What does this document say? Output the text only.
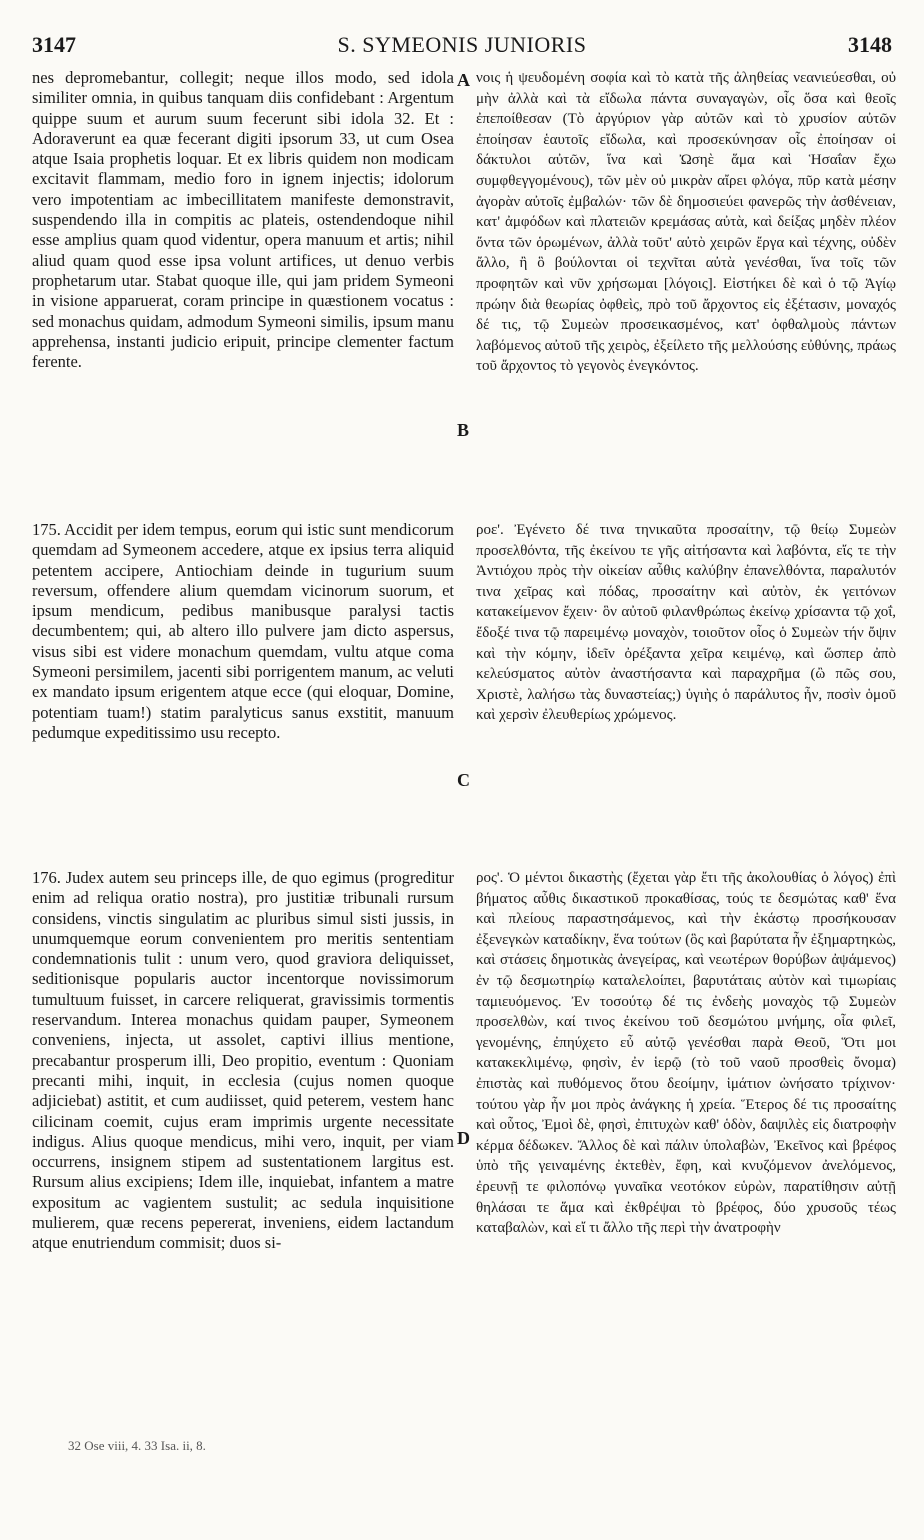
3147	S. SYMEONIS JUNIORIS	3148
nes depromebantur, collegit; neque illos modo, sed idola similiter omnia, in quibus tanquam diis confidebant : Argentum quippe suum et aurum suum fecerunt sibi idola 32. Et : Adoraverunt ea quæ fecerant digiti ipsorum 33, ut cum Osea atque Isaia prophetis loquar. Et ex libris quidem non modicam excitavit flammam, medio foro in ignem injectis; idolorum vero impotentiam ac imbecillitatem manifeste demonstravit, suspendendo illa in compitis ac plateis, ostendendoque nihil esse amplius quam quod videntur, opera manuum et artis; nihil aliud quam quod esse ipsa volunt artifices, ut denuo verbis prophetarum utar. Stabat quoque ille, qui jam pridem Symeoni in visione apparuerat, coram principe in quæstionem vocatus : sed monachus quidam, admodum Symeoni similis, ipsum manu apprehensa, instanti judicio eripuit, principe clementer factum ferente.
175. Accidit per idem tempus, eorum qui istic sunt mendicorum quemdam ad Symeonem accedere, atque ex ipsius terra aliquid petentem accipere, Antiochiam deinde in tugurium suum reversum, offendere alium quemdam vicinorum suorum, et ipsum mendicum, pedibus manibusque paralysi tactis decumbentem; qui, ab altero illo pulvere jam dicto aspersus, visus sibi est videre monachum quemdam, vultu atque coma Symeoni persimilem, jacenti sibi porrigentem manum, ac veluti ex mandato ipsum erigentem atque ecce (qui eloquar, Domine, potentiam tuam!) statim paralyticus sanus exstitit, manuum pedumque expeditissimo usu recepto.
176. Judex autem seu princeps ille, de quo egimus (progreditur enim ad reliqua oratio nostra), pro justitiæ tribunali rursum considens, vinctis singulatim ac pluribus simul sisti jussis, in unumquemque eorum convenientem pro meritis sententiam condemnationis tulit : unum vero, quod graviora deliquisset, seditionisque popularis auctor incentorque novissimorum tumultuum fuisset, in carcere reliquerat, gravissimis tormentis reservandum. Interea monachus quidam pauper, Symeonem conveniens, injecta, ut assolet, captivi illius mentione, precabantur prosperum illi, Deo propitio, eventum : Quoniam precanti mihi, inquit, in ecclesia (cujus nomen quoque adjiciebat) astitit, et cum audiisset, quid peterem, vestem hanc cilicinam coemit, cujus eram imprimis urgente necessitate indigus. Alius quoque mendicus, mihi vero, inquit, per viam occurrens, insignem stipem ad sustentationem largitus est. Rursum alius excipiens; Idem ille, inquiebat, infantem a matre expositum ac vagientem sustulit; ac sedula inquisitione mulierem, quæ recens pepererat, inveniens, eidem lactandum atque enutriendum commisit; duos si-
νοις ἡ ψευδομένη σοφία καὶ τὸ κατὰ τῆς ἀληθείας νεανιεύεσθαι, οὐ μὴν ἀλλὰ καὶ τὰ εἴδωλα πάντα συναγαγὼν, οἷς ὅσα καὶ θεοῖς ἐπεποίθεσαν (Τὸ ἀργύριον γὰρ αὐτῶν καὶ τὸ χρυσίον αὐτῶν ἐποίησαν ἑαυτοῖς εἴδωλα, καὶ προσεκύνησαν οἷς ἐποίησαν οἱ δάκτυλοι αὐτῶν, ἵνα καὶ Ὠσηὲ ἅμα καὶ Ἡσαΐαν ἔχω συμφθεγγομένους), τῶν μὲν οὐ μικρὰν αἴρει φλόγα, πῦρ κατὰ μέσην ἀγορὰν αὐτοῖς ἐμβαλών· τῶν δὲ δημοσιεύει φανερῶς τὴν ἀσθένειαν, κατ' ἀμφόδων καὶ πλατειῶν κρεμάσας αὐτὰ, καὶ δείξας μηδὲν πλέον ὄντα τῶν ὁρωμένων, ἀλλὰ τοῦτ' αὐτὸ χειρῶν ἔργα καὶ τέχνης, οὐδὲν ἄλλο, ἢ ὃ βούλονται οἱ τεχνῖται αὐτὰ γενέσθαι, ἵνα τοῖς τῶν προφητῶν καὶ νῦν χρήσωμαι [λόγοις]. Εἱστήκει δὲ καὶ ὁ τῷ Ἁγίῳ πρώην διὰ θεωρίας ὀφθεὶς, πρὸ τοῦ ἄρχοντος εἰς ἐξέτασιν, μοναχός δέ τις, τῷ Συμεὼν προσεικασμένος, κατ' ὀφθαλμοὺς πάντων λαβόμενος αὐτοῦ τῆς χειρὸς, ἐξείλετο τῆς μελλούσης εὐθύνης, πράως τοῦ ἄρχοντος τὸ γεγονὸς ἐνεγκόντος.
ροε'. Ἐγένετο δέ τινα τηνικαῦτα προσαίτην, τῷ θείῳ Συμεὼν προσελθόντα, τῆς ἐκείνου τε γῆς αἰτήσαντα καὶ λαβόντα, εἴς τε τὴν Ἀντιόχου πρὸς τὴν οἰκείαν αὖθις καλύβην ἐπανελθόντα, παραλυτόν τινα χεῖρας καὶ πόδας, προσαίτην καὶ αὐτὸν, ἐκ γειτόνων κατακείμενον ἔχειν· ὃν αὐτοῦ φιλανθρώπως ἐκείνῳ χρίσαντα τῷ χοΐ, ἔδοξέ τινα τῷ παρειμένῳ μοναχὸν, τοιοῦτον οἷος ὁ Συμεὼν τήν ὄψιν καὶ τὴν κόμην, ἰδεῖν ὀρέξαντα χεῖρα κειμένῳ, καὶ ὥσπερ ἀπὸ κελεύσματος αὐτὸν ἀναστήσαντα καὶ παραχρῆμα (ὢ πῶς σου, Χριστὲ, λαλήσω τὰς δυναστείας;) ὑγιὴς ὁ παράλυτος ἦν, ποσὶν ὁμοῦ καὶ χερσὶν ἐλευθερίως χρώμενος.
ρος'. Ὁ μέντοι δικαστὴς (ἔχεται γὰρ ἔτι τῆς ἀκολουθίας ὁ λόγος) ἐπὶ βήματος αὖθις δικαστικοῦ προκαθίσας, τούς τε δεσμώτας καθ' ἕνα καὶ πλείους παραστησάμενος, καὶ τὴν ἑκάστῳ προσήκουσαν ἐξενεγκὼν καταδίκην, ἕνα τούτων (ὃς καὶ βαρύτατα ἦν ἐξημαρτηκὼς, καὶ στάσεις δημοτικὰς ἀνεγείρας, καὶ νεωτέρων θορύβων ἀψάμενος) ἐν τῷ δεσμωτηρίῳ καταλελοίπει, βαρυτάταις αὐτὸν καὶ τιμωρίαις ταμιευόμενος. Ἐν τοσούτῳ δέ τις ἐνδεὴς μοναχὸς τῷ Συμεὼν προσελθὼν, καί τινος ἐκείνου τοῦ δεσμώτου μνήμης, οἷα φιλεῖ, γενομένης, ἐπηύχετο εὖ αὐτῷ γενέσθαι παρὰ Θεοῦ, Ὅτι μοι κατακεκλιμένῳ, φησὶν, ἐν ἱερῷ (τὸ τοῦ ναοῦ προσθεὶς ὄνομα) ἐπιστὰς καὶ πυθόμενος ὅτου δεοίμην, ἱμάτιον ὠνήσατο τρίχινον· τούτου γὰρ ἦν μοι πρὸς ἀνάγκης ἡ χρεία. Ἕτερος δέ τις προσαίτης καὶ οὗτος, Ἐμοὶ δὲ, φησὶ, ἐπιτυχὼν καθ' ὁδὸν, δαψιλὲς εἰς διατροφὴν κέρμα δέδωκεν. Ἄλλος δὲ καὶ πάλιν ὑπολαβὼν, Ἐκεῖνος καὶ βρέφος ὑπὸ τῆς γειναμένης ἐκτεθὲν, ἔφη, καὶ κνυζόμενον ἀνελόμενος, ἐρευνῇ τε φιλοπόνῳ γυναῖκα νεοτόκον εὑρὼν, παρατίθησιν αὐτῇ θηλάσαι τε ἅμα καὶ ἐκθρέψαι τὸ βρέφος, δύο χρυσοῦς τέως καταβαλὼν, καὶ εἴ τι ἄλλο τῆς περὶ τὴν ἀνατροφὴν
A
B
C
D
32 Ose viii, 4. 33 Isa. ii, 8.
